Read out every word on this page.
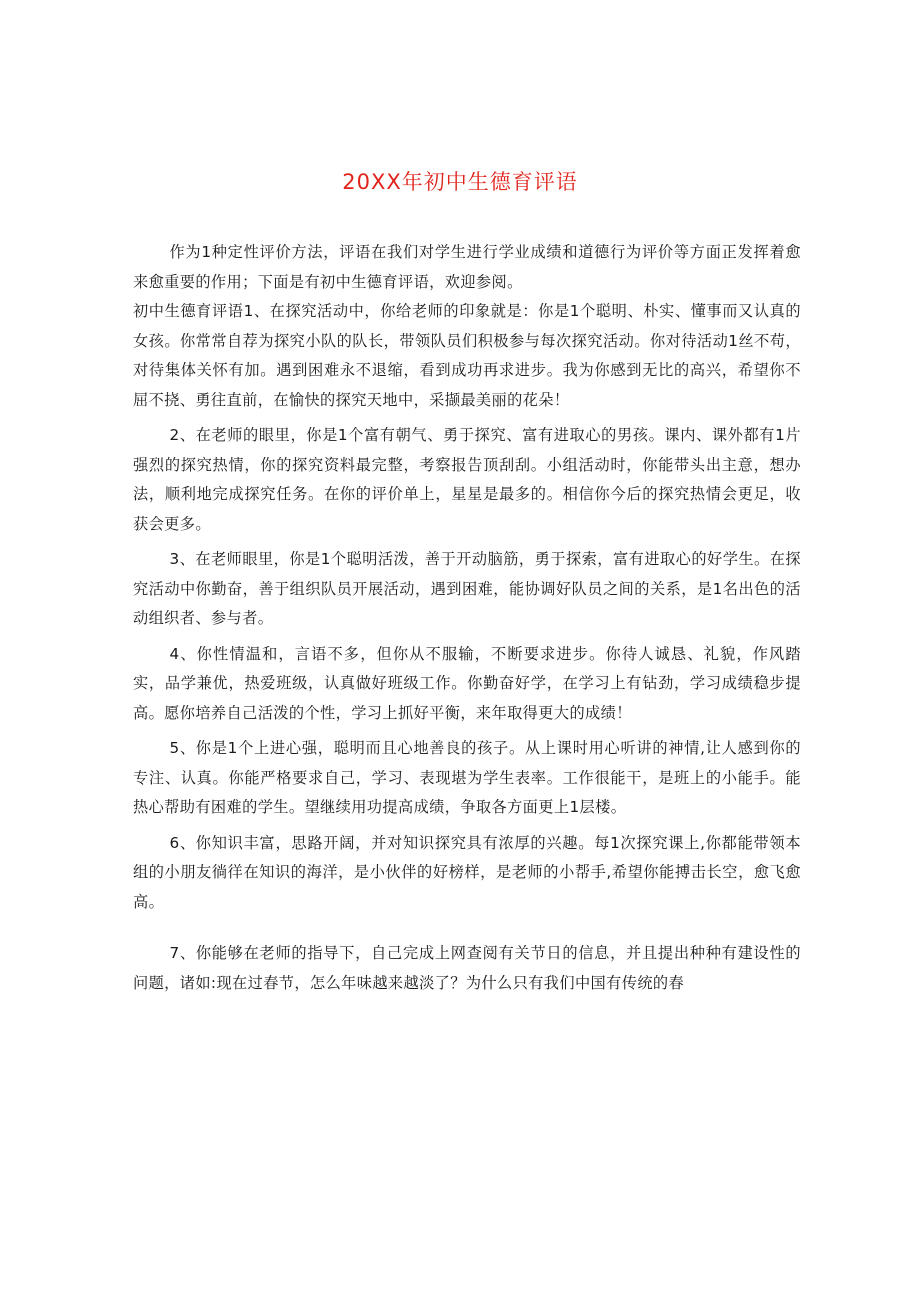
20XX年初中生德育评语

作为1种定性评价方法，评语在我们对学生进行学业成绩和道德行为评价等方面正发挥着愈来愈重要的作用；下面是有初中生德育评语，欢迎参阅。

初中生德育评语1、在探究活动中，你给老师的印象就是：你是1个聪明、朴实、懂事而又认真的女孩。你常常自荐为探究小队的队长，带领队员们积极参与每次探究活动。你对待活动1丝不苟，对待集体关怀有加。遇到困难永不退缩，看到成功再求进步。我为你感到无比的高兴，希望你不屈不挠、勇往直前，在愉快的探究天地中，采撷最美丽的花朵！

2、在老师的眼里，你是1个富有朝气、勇于探究、富有进取心的男孩。课内、课外都有1片强烈的探究热情，你的探究资料最完整，考察报告顶刮刮。小组活动时，你能带头出主意，想办法，顺利地完成探究任务。在你的评价单上，星星是最多的。相信你今后的探究热情会更足，收获会更多。

3、在老师眼里，你是1个聪明活泼，善于开动脑筋，勇于探索，富有进取心的好学生。在探究活动中你勤奋，善于组织队员开展活动，遇到困难，能协调好队员之间的关系，是1名出色的活动组织者、参与者。

4、你性情温和，言语不多，但你从不服输，不断要求进步。你待人诚恳、礼貌，作风踏实，品学兼优，热爱班级，认真做好班级工作。你勤奋好学，在学习上有钻劲，学习成绩稳步提高。愿你培养自己活泼的个性，学习上抓好平衡，来年取得更大的成绩！

5、你是1个上进心强，聪明而且心地善良的孩子。从上课时用心听讲的神情,让人感到你的专注、认真。你能严格要求自己，学习、表现堪为学生表率。工作很能干，是班上的小能手。能热心帮助有困难的学生。望继续用功提高成绩，争取各方面更上1层楼。

6、你知识丰富，思路开阔，并对知识探究具有浓厚的兴趣。每1次探究课上,你都能带领本组的小朋友徜徉在知识的海洋，是小伙伴的好榜样，是老师的小帮手,希望你能搏击长空，愈飞愈高。

7、你能够在老师的指导下，自己完成上网查阅有关节日的信息，并且提出种种有建设性的问题，诸如:现在过春节，怎么年味越来越淡了？为什么只有我们中国有传统的春
